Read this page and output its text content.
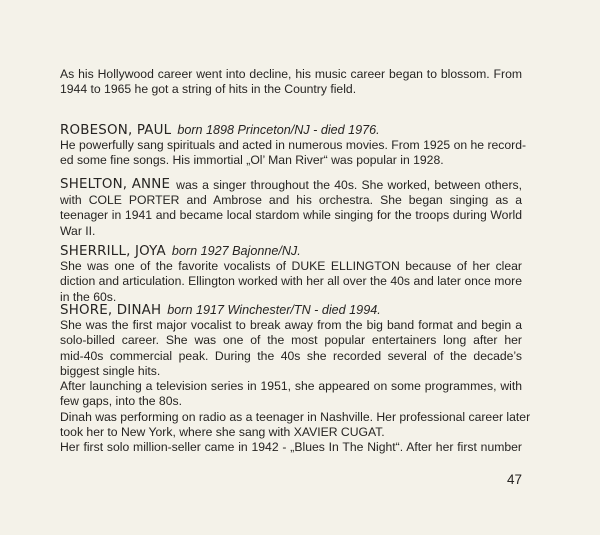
As his Hollywood career went into decline, his music career began to blossom. From
1944 to 1965 he got a string of hits in the Country field.
ROBESON, PAUL born 1898 Princeton/NJ - died 1976.
He powerfully sang spirituals and acted in numerous movies. From 1925 on he record-
ed some fine songs. His immortial „Ol’ Man River“ was popular in 1928.
SHELTON, ANNE was a singer throughout the 40s. She worked, between others,
with COLE PORTER and Ambrose and his orchestra. She began singing as a
teenager in 1941 and became local stardom while singing for the troops during World
War II.
SHERRILL, JOYA born 1927 Bajonne/NJ.
She was one of the favorite vocalists of DUKE ELLINGTON because of her clear
diction and articulation. Ellington worked with her all over the 40s and later once more
in the 60s.
SHORE, DINAH born 1917 Winchester/TN - died 1994.
She was the first major vocalist to break away from the big band format and begin a
solo-billed career. She was one of the most popular entertainers long after her
mid-40s commercial peak. During the 40s she recorded several of the decade’s
biggest single hits.
After launching a television series in 1951, she appeared on some programmes, with
few gaps, into the 80s.
Dinah was performing on radio as a teenager in Nashville. Her professional career later
took her to New York, where she sang with XAVIER CUGAT.
Her first solo million-seller came in 1942 - „Blues In The Night“. After her first number
47
